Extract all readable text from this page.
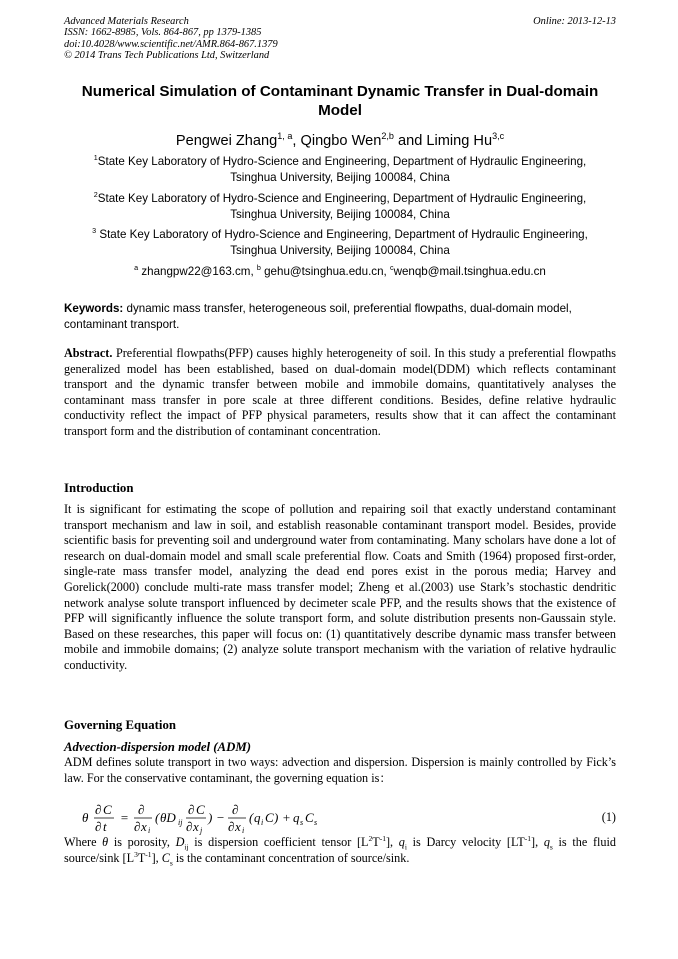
Advanced Materials Research
ISSN: 1662-8985, Vols. 864-867, pp 1379-1385
doi:10.4028/www.scientific.net/AMR.864-867.1379
© 2014 Trans Tech Publications Ltd, Switzerland
Online: 2013-12-13
Numerical Simulation of Contaminant Dynamic Transfer in Dual-domain Model
Pengwei Zhang$^{1, a}$, Qingbo Wen$^{2,b}$ and Liming Hu$^{3,c}$
$^1$State Key Laboratory of Hydro-Science and Engineering, Department of Hydraulic Engineering,
Tsinghua University, Beijing 100084, China
$^2$State Key Laboratory of Hydro-Science and Engineering, Department of Hydraulic Engineering,
Tsinghua University, Beijing 100084, China
$^3$ State Key Laboratory of Hydro-Science and Engineering, Department of Hydraulic Engineering,
Tsinghua University, Beijing 100084, China
$^a$ zhangpw22@163.cm, $^b$ gehu@tsinghua.edu.cn, $^c$wenqb@mail.tsinghua.edu.cn
Keywords: dynamic mass transfer, heterogeneous soil, preferential flowpaths, dual-domain model, contaminant transport.
Abstract. Preferential flowpaths(PFP) causes highly heterogeneity of soil. In this study a preferential flowpaths generalized model has been established, based on dual-domain model(DDM) which reflects contaminant transport and the dynamic transfer between mobile and immobile domains, quantitatively analyses the contaminant mass transfer in pore scale at three different conditions. Besides, define relative hydraulic conductivity reflect the impact of PFP physical parameters, results show that it can affect the contaminant transport form and the distribution of contaminant concentration.
Introduction
It is significant for estimating the scope of pollution and repairing soil that exactly understand contaminant transport mechanism and law in soil, and establish reasonable contaminant transport model. Besides, provide scientific basis for preventing soil and underground water from contaminating. Many scholars have done a lot of research on dual-domain model and small scale preferential flow. Coats and Smith (1964) proposed first-order, single-rate mass transfer model, analyzing the dead end pores exist in the porous media; Harvey and Gorelick(2000) conclude multi-rate mass transfer model; Zheng et al.(2003) use Stark’s stochastic dendritic network analyse solute transport influenced by decimeter scale PFP, and the results shows that the existence of PFP will significantly influence the solute transport form, and solute distribution presents non-Gaussain style. Based on these researches, this paper will focus on: (1) quantitatively describe dynamic mass transfer between mobile and immobile domains; (2) analyze solute transport mechanism with the variation of relative hydraulic conductivity.
Governing Equation
Advection-dispersion model (ADM)
ADM defines solute transport in two ways: advection and dispersion. Dispersion is mainly controlled by Fick’s law. For the conservative contaminant, the governing equation is：
θ
∂ C
∂ t
=
∂
∂ x i
( θD ij
∂ C
∂ x j
) −
∂
∂ x i
( q i C ) + q s C s	(1)
Where θ is porosity, $D_{ij}$ is dispersion coefficient tensor $[L^2T^{-1}]$, $q_i$ is Darcy velocity $[LT^{-1}]$, $q_s$ is the fluid source/sink $[L^3T^{-1}]$, $C_s$ is the contaminant concentration of source/sink.
